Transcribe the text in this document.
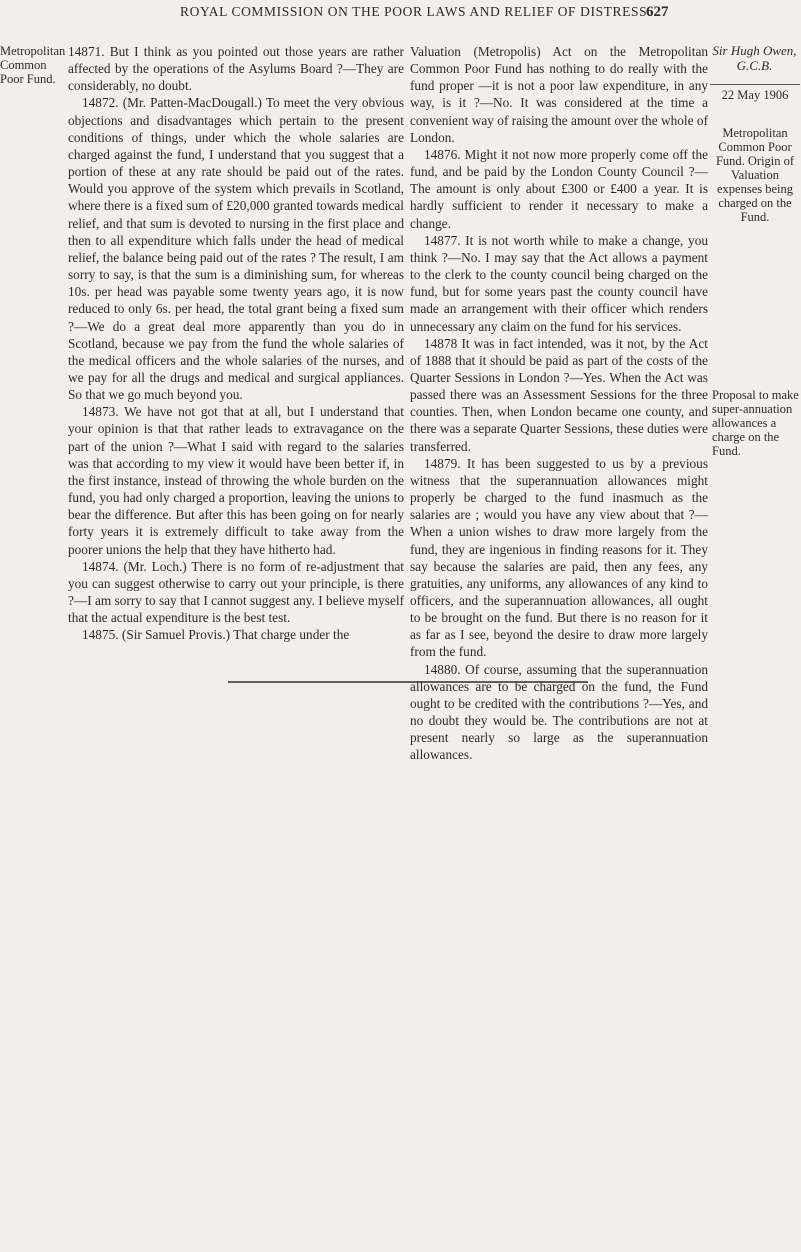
ROYAL COMMISSION ON THE POOR LAWS AND RELIEF OF DISTRESS.
627
Metropolitan Common Poor Fund.

14871. But I think as you pointed out those years are rather affected by the operations of the Asylums Board ?—They are considerably, no doubt.

14872. (Mr. Patten-MacDougall.) To meet the very obvious objections and disadvantages which pertain to the present conditions of things, under which the whole salaries are charged against the fund, I understand that you suggest that a portion of these at any rate should be paid out of the rates. Would you approve of the system which prevails in Scotland, where there is a fixed sum of £20,000 granted towards medical relief, and that sum is devoted to nursing in the first place and then to all expenditure which falls under the head of medical relief, the balance being paid out of the rates ? The result, I am sorry to say, is that the sum is a diminishing sum, for whereas 10s. per head was payable some twenty years ago, it is now reduced to only 6s. per head, the total grant being a fixed sum ?—We do a great deal more apparently than you do in Scotland, because we pay from the fund the whole salaries of the medical officers and the whole salaries of the nurses, and we pay for all the drugs and medical and surgical appliances. So that we go much beyond you.

14873. We have not got that at all, but I understand that your opinion is that that rather leads to extravagance on the part of the union ?—What I said with regard to the salaries was that according to my view it would have been better if, in the first instance, instead of throwing the whole burden on the fund, you had only charged a proportion, leaving the unions to bear the difference. But after this has been going on for nearly forty years it is extremely difficult to take away from the poorer unions the help that they have hitherto had.

14874. (Mr. Loch.) There is no form of re-adjustment that you can suggest otherwise to carry out your principle, is there ?—I am sorry to say that I cannot suggest any. I believe myself that the actual expenditure is the best test.

14875. (Sir Samuel Provis.) That charge under the

Valuation (Metropolis) Act on the Metropolitan Common Poor Fund has nothing to do really with the fund proper —it is not a poor law expenditure, in any way, is it ?—No. It was considered at the time a convenient way of raising the amount over the whole of London.

14876. Might it not now more properly come off the fund, and be paid by the London County Council ?—The amount is only about £300 or £400 a year. It is hardly sufficient to render it necessary to make a change.

14877. It is not worth while to make a change, you think ?—No. I may say that the Act allows a payment to the clerk to the county council being charged on the fund, but for some years past the county council have made an arrangement with their officer which renders unnecessary any claim on the fund for his services.

14878 It was in fact intended, was it not, by the Act of 1888 that it should be paid as part of the costs of the Quarter Sessions in London ?—Yes. When the Act was passed there was an Assessment Sessions for the three counties. Then, when London became one county, and there was a separate Quarter Sessions, these duties were transferred.

14879. It has been suggested to us by a previous witness that the superannuation allowances might properly be charged to the fund inasmuch as the salaries are ; would you have any view about that ?—When a union wishes to draw more largely from the fund, they are ingenious in finding reasons for it. They say because the salaries are paid, then any fees, any gratuities, any uniforms, any allowances of any kind to officers, and the superannuation allowances, all ought to be brought on the fund. But there is no reason for it as far as I see, beyond the desire to draw more largely from the fund.

14880. Of course, assuming that the superannuation allowances are to be charged on the fund, the Fund ought to be credited with the contributions ?—Yes, and no doubt they would be. The contributions are not at present nearly so large as the superannuation allowances.

Sir Hugh Owen, G.C.B.
22 May 1906
Metropolitan Common Poor Fund. Origin of Valuation expenses being charged on the Fund.
Proposal to make super-annuation allowances a charge on the Fund.
